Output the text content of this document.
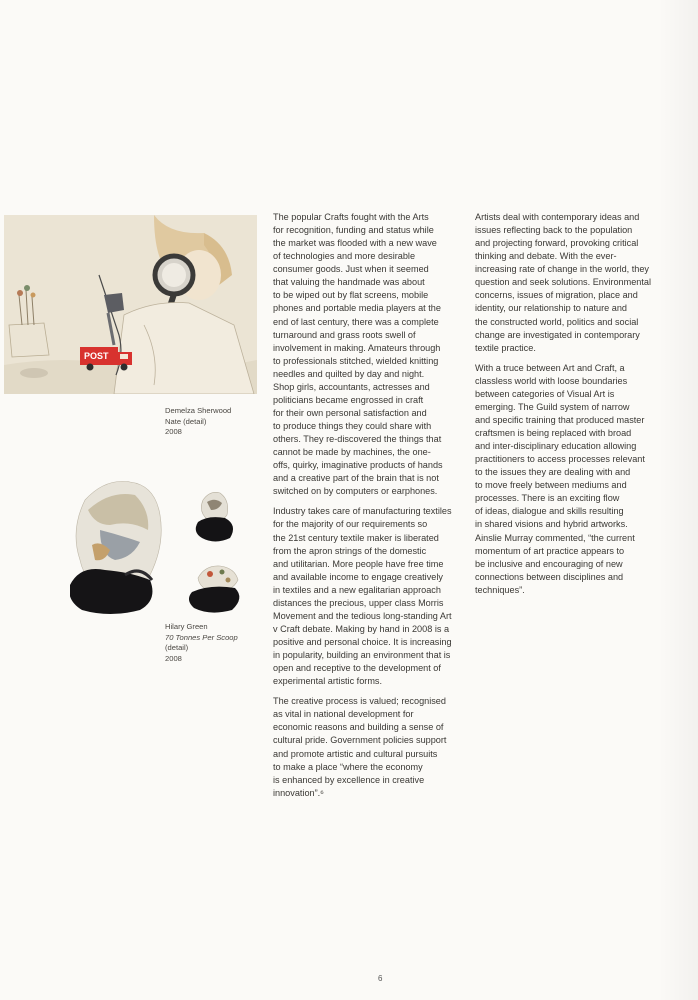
POST
Demelza Sherwood
Nate (detail)
2008
Hilary Green
70 Tonnes Per Scoop
(detail)
2008

The popular Crafts fought with the Arts
for recognition, funding and status while
the market was flooded with a new wave
of technologies and more desirable
consumer goods. Just when it seemed
that valuing the handmade was about
to be wiped out by flat screens, mobile
phones and portable media players at the
end of last century, there was a complete
turnaround and grass roots swell of
involvement in making. Amateurs through
to professionals stitched, wielded knitting
needles and quilted by day and night.
Shop girls, accountants, actresses and
politicians became engrossed in craft
for their own personal satisfaction and
to produce things they could share with
others. They re-discovered the things that
cannot be made by machines, the one-
offs, quirky, imaginative products of hands
and a creative part of the brain that is not
switched on by computers or earphones.

Industry takes care of manufacturing textiles
for the majority of our requirements so
the 21st century textile maker is liberated
from the apron strings of the domestic
and utilitarian. More people have free time
and available income to engage creatively
in textiles and a new egalitarian approach
distances the precious, upper class Morris
Movement and the tedious long-standing Art
v Craft debate. Making by hand in 2008 is a
positive and personal choice. It is increasing
in popularity, building an environment that is
open and receptive to the development of
experimental artistic forms.

The creative process is valued; recognised
as vital in national development for
economic reasons and building a sense of
cultural pride. Government policies support
and promote artistic and cultural pursuits
to make a place “where the economy
is enhanced by excellence in creative
innovation”.⁶

Artists deal with contemporary ideas and
issues reflecting back to the population
and projecting forward, provoking critical
thinking and debate. With the ever-
increasing rate of change in the world, they
question and seek solutions. Environmental
concerns, issues of migration, place and
identity, our relationship to nature and
the constructed world, politics and social
change are investigated in contemporary
textile practice.

With a truce between Art and Craft, a
classless world with loose boundaries
between categories of Visual Art is
emerging. The Guild system of narrow
and specific training that produced master
craftsmen is being replaced with broad
and inter-disciplinary education allowing
practitioners to access processes relevant
to the issues they are dealing with and
to move freely between mediums and
processes. There is an exciting flow
of ideas, dialogue and skills resulting
in shared visions and hybrid artworks.
Ainslie Murray commented, “the current
momentum of art practice appears to
be inclusive and encouraging of new
connections between disciplines and
techniques”.

6
